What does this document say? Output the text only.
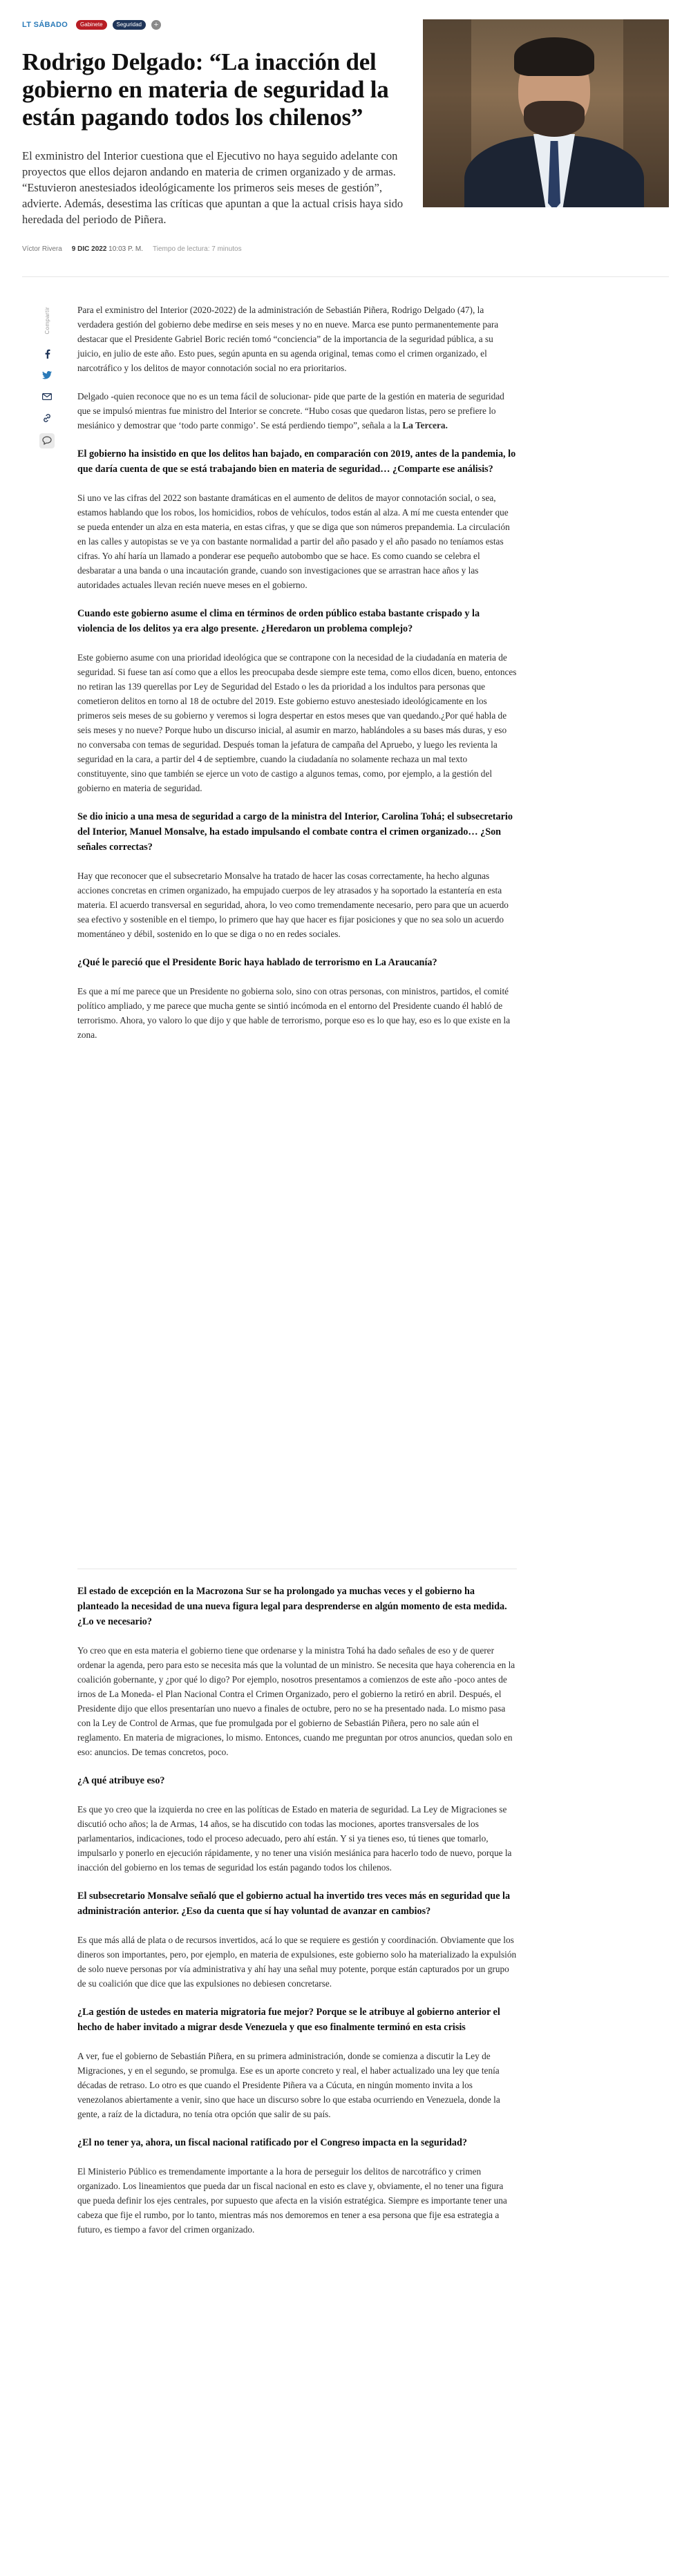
LT SÁBADO	Gabinete	Seguridad	+
Rodrigo Delgado: “La inacción del gobierno en materia de seguridad la están pagando todos los chilenos”

El exministro del Interior cuestiona que el Ejecutivo no haya seguido adelante con proyectos que ellos dejaron andando en materia de crimen organizado y de armas. “Estuvieron anestesiados ideológicamente los primeros seis meses de gestión”, advierte. Además, desestima las críticas que apuntan a que la actual crisis haya sido heredada del periodo de Piñera.

Víctor Rivera 9 DIC 2022 10:03 P. M. Tiempo de lectura: 7 minutos
Compartir	Para el exministro del Interior (2020-2022) de la administración de Sebastián Piñera, Rodrigo Delgado (47), la verdadera gestión del gobierno debe medirse en seis meses y no en nueve. Marca ese punto permanentemente para destacar que el Presidente Gabriel Boric recién tomó “conciencia” de la importancia de la seguridad pública, a su juicio, en julio de este año. Esto pues, según apunta en su agenda original, temas como el crimen organizado, el narcotráfico y los delitos de mayor connotación social no era prioritarios.

Delgado -quien reconoce que no es un tema fácil de solucionar- pide que parte de la gestión en materia de seguridad que se impulsó mientras fue ministro del Interior se concrete. “Hubo cosas que quedaron listas, pero se prefiere lo mesiánico y demostrar que ‘todo parte conmigo’. Se está perdiendo tiempo”, señala a la La Tercera.

El gobierno ha insistido en que los delitos han bajado, en comparación con 2019, antes de la pandemia, lo que daría cuenta de que se está trabajando bien en materia de seguridad… ¿Comparte ese análisis?

Si uno ve las cifras del 2022 son bastante dramáticas en el aumento de delitos de mayor connotación social, o sea, estamos hablando que los robos, los homicidios, robos de vehículos, todos están al alza. A mí me cuesta entender que se pueda entender un alza en esta materia, en estas cifras, y que se diga que son números prepandemia. La circulación en las calles y autopistas se ve ya con bastante normalidad a partir del año pasado y el año pasado no teníamos estas cifras. Yo ahí haría un llamado a ponderar ese pequeño autobombo que se hace. Es como cuando se celebra el desbaratar a una banda o una incautación grande, cuando son investigaciones que se arrastran hace años y las autoridades actuales llevan recién nueve meses en el gobierno.

Cuando este gobierno asume el clima en términos de orden público estaba bastante crispado y la violencia de los delitos ya era algo presente. ¿Heredaron un problema complejo?

Este gobierno asume con una prioridad ideológica que se contrapone con la necesidad de la ciudadanía en materia de seguridad. Si fuese tan así como que a ellos les preocupaba desde siempre este tema, como ellos dicen, bueno, entonces no retiran las 139 querellas por Ley de Seguridad del Estado o les da prioridad a los indultos para personas que cometieron delitos en torno al 18 de octubre del 2019. Este gobierno estuvo anestesiado ideológicamente en los primeros seis meses de su gobierno y veremos si logra despertar en estos meses que van quedando.¿Por qué habla de seis meses y no nueve? Porque hubo un discurso inicial, al asumir en marzo, hablándoles a su bases más duras, y eso no conversaba con temas de seguridad. Después toman la jefatura de campaña del Apruebo, y luego les revienta la seguridad en la cara, a partir del 4 de septiembre, cuando la ciudadanía no solamente rechaza un mal texto constituyente, sino que también se ejerce un voto de castigo a algunos temas, como, por ejemplo, a la gestión del gobierno en materia de seguridad.

Se dio inicio a una mesa de seguridad a cargo de la ministra del Interior, Carolina Tohá; el subsecretario del Interior, Manuel Monsalve, ha estado impulsando el combate contra el crimen organizado… ¿Son señales correctas?

Hay que reconocer que el subsecretario Monsalve ha tratado de hacer las cosas correctamente, ha hecho algunas acciones concretas en crimen organizado, ha empujado cuerpos de ley atrasados y ha soportado la estantería en esta materia. El acuerdo transversal en seguridad, ahora, lo veo como tremendamente necesario, pero para que un acuerdo sea efectivo y sostenible en el tiempo, lo primero que hay que hacer es fijar posiciones y que no sea solo un acuerdo momentáneo y débil, sostenido en lo que se diga o no en redes sociales.

¿Qué le pareció que el Presidente Boric haya hablado de terrorismo en La Araucanía?

Es que a mí me parece que un Presidente no gobierna solo, sino con otras personas, con ministros, partidos, el comité político ampliado, y me parece que mucha gente se sintió incómoda en el entorno del Presidente cuando él habló de terrorismo. Ahora, yo valoro lo que dijo y que hable de terrorismo, porque eso es lo que hay, eso es lo que existe en la zona.

El estado de excepción en la Macrozona Sur se ha prolongado ya muchas veces y el gobierno ha planteado la necesidad de una nueva figura legal para desprenderse en algún momento de esta medida. ¿Lo ve necesario?

Yo creo que en esta materia el gobierno tiene que ordenarse y la ministra Tohá ha dado señales de eso y de querer ordenar la agenda, pero para esto se necesita más que la voluntad de un ministro. Se necesita que haya coherencia en la coalición gobernante, y ¿por qué lo digo? Por ejemplo, nosotros presentamos a comienzos de este año -poco antes de irnos de La Moneda- el Plan Nacional Contra el Crimen Organizado, pero el gobierno la retiró en abril. Después, el Presidente dijo que ellos presentarían uno nuevo a finales de octubre, pero no se ha presentado nada. Lo mismo pasa con la Ley de Control de Armas, que fue promulgada por el gobierno de Sebastián Piñera, pero no sale aún el reglamento. En materia de migraciones, lo mismo. Entonces, cuando me preguntan por otros anuncios, quedan solo en eso: anuncios. De temas concretos, poco.

¿A qué atribuye eso?

Es que yo creo que la izquierda no cree en las políticas de Estado en materia de seguridad. La Ley de Migraciones se discutió ocho años; la de Armas, 14 años, se ha discutido con todas las mociones, aportes transversales de los parlamentarios, indicaciones, todo el proceso adecuado, pero ahí están. Y si ya tienes eso, tú tienes que tomarlo, impulsarlo y ponerlo en ejecución rápidamente, y no tener una visión mesiánica para hacerlo todo de nuevo, porque la inacción del gobierno en los temas de seguridad los están pagando todos los chilenos.

El subsecretario Monsalve señaló que el gobierno actual ha invertido tres veces más en seguridad que la administración anterior. ¿Eso da cuenta que sí hay voluntad de avanzar en cambios?

Es que más allá de plata o de recursos invertidos, acá lo que se requiere es gestión y coordinación. Obviamente que los dineros son importantes, pero, por ejemplo, en materia de expulsiones, este gobierno solo ha materializado la expulsión de solo nueve personas por vía administrativa y ahí hay una señal muy potente, porque están capturados por un grupo de su coalición que dice que las expulsiones no debiesen concretarse.

¿La gestión de ustedes en materia migratoria fue mejor? Porque se le atribuye al gobierno anterior el hecho de haber invitado a migrar desde Venezuela y que eso finalmente terminó en esta crisis

A ver, fue el gobierno de Sebastián Piñera, en su primera administración, donde se comienza a discutir la Ley de Migraciones, y en el segundo, se promulga. Ese es un aporte concreto y real, el haber actualizado una ley que tenía décadas de retraso. Lo otro es que cuando el Presidente Piñera va a Cúcuta, en ningún momento invita a los venezolanos abiertamente a venir, sino que hace un discurso sobre lo que estaba ocurriendo en Venezuela, donde la gente, a raíz de la dictadura, no tenía otra opción que salir de su país.

¿El no tener ya, ahora, un fiscal nacional ratificado por el Congreso impacta en la seguridad?

El Ministerio Público es tremendamente importante a la hora de perseguir los delitos de narcotráfico y crimen organizado. Los lineamientos que pueda dar un fiscal nacional en esto es clave y, obviamente, el no tener una figura que pueda definir los ejes centrales, por supuesto que afecta en la visión estratégica. Siempre es importante tener una cabeza que fije el rumbo, por lo tanto, mientras más nos demoremos en tener a esa persona que fije esa estrategia a futuro, es tiempo a favor del crimen organizado.
